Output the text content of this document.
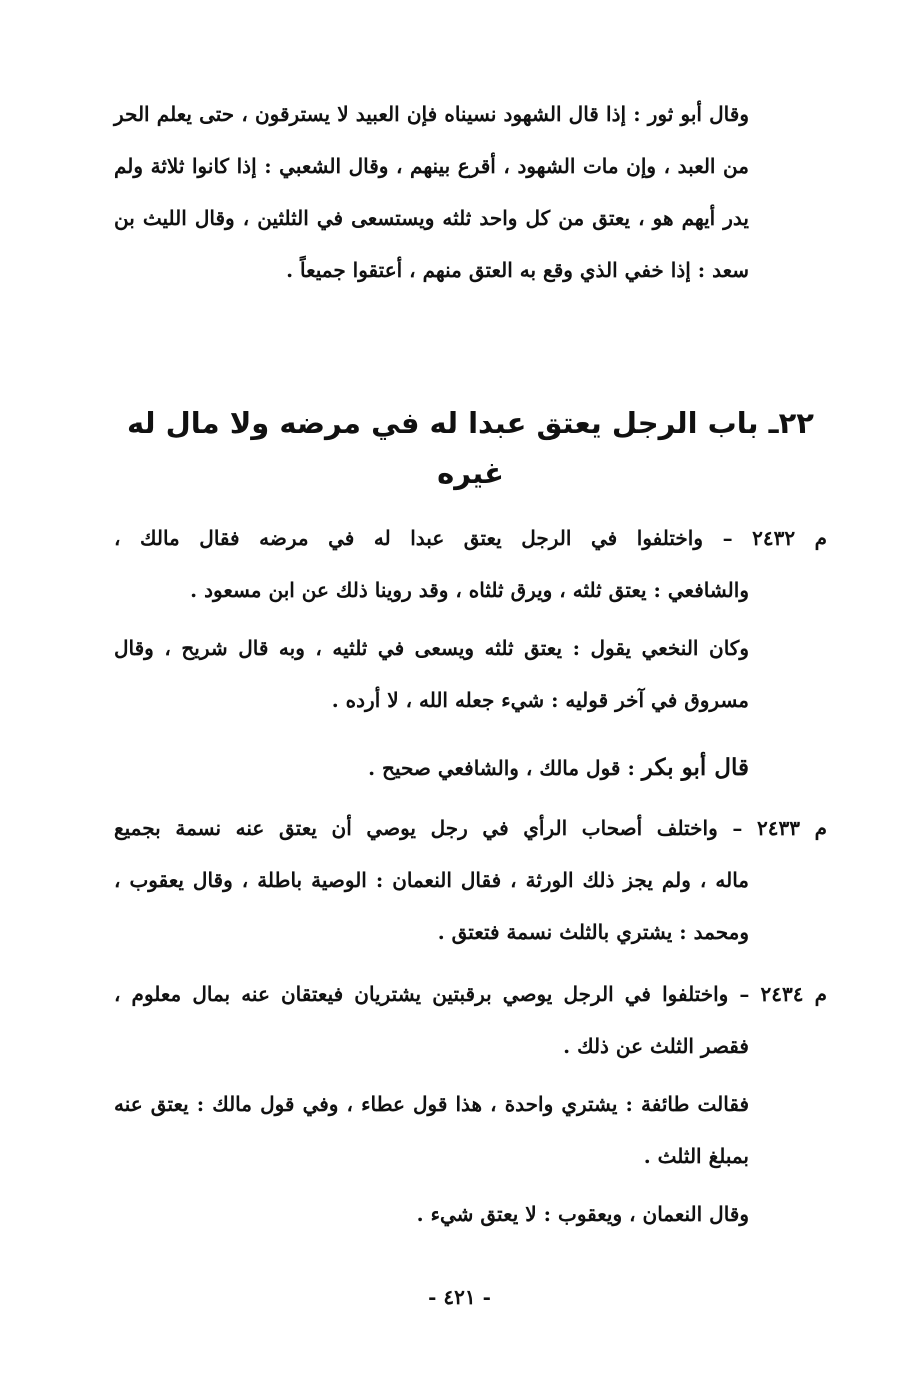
وقال أبو ثور : إذا قال الشهود نسيناه فإن العبيد لا يسترقون ، حتى يعلم الحر من العبد ، وإن مات الشهود ، أقرع بينهم ، وقال الشعبي : إذا كانوا ثلاثة ولم يدر أيهم هو ، يعتق من كل واحد ثلثه ويستسعى في الثلثين ، وقال الليث بن سعد : إذا خفي الذي وقع به العتق منهم ، أعتقوا جميعاً .

٢٢ـ باب الرجل يعتق عبدا له في مرضه ولا مال له غيره
م ٢٤٣٢ – واختلفوا في الرجل يعتق عبدا له في مرضه فقال مالك ،
والشافعي : يعتق ثلثه ، ويرق ثلثاه ، وقد روينا ذلك عن ابن مسعود .

وكان النخعي يقول : يعتق ثلثه ويسعى في ثلثيه ، وبه قال شريح ، وقال مسروق في آخر قوليه : شيء جعله الله ، لا أرده .

قال أبو بكر : قول مالك ، والشافعي صحيح .

م ٢٤٣٣ – واختلف أصحاب الرأي في رجل يوصي أن يعتق عنه نسمة بجميع
ماله ، ولم يجز ذلك الورثة ، فقال النعمان : الوصية باطلة ، وقال يعقوب ، ومحمد : يشتري بالثلث نسمة فتعتق .
م ٢٤٣٤ – واختلفوا في الرجل يوصي برقبتين يشتريان فيعتقان عنه بمال معلوم ،
فقصر الثلث عن ذلك .

فقالت طائفة : يشتري واحدة ، هذا قول عطاء ، وفي قول مالك : يعتق عنه بمبلغ الثلث .

وقال النعمان ، ويعقوب : لا يعتق شيء .

- ٤٢١ -
